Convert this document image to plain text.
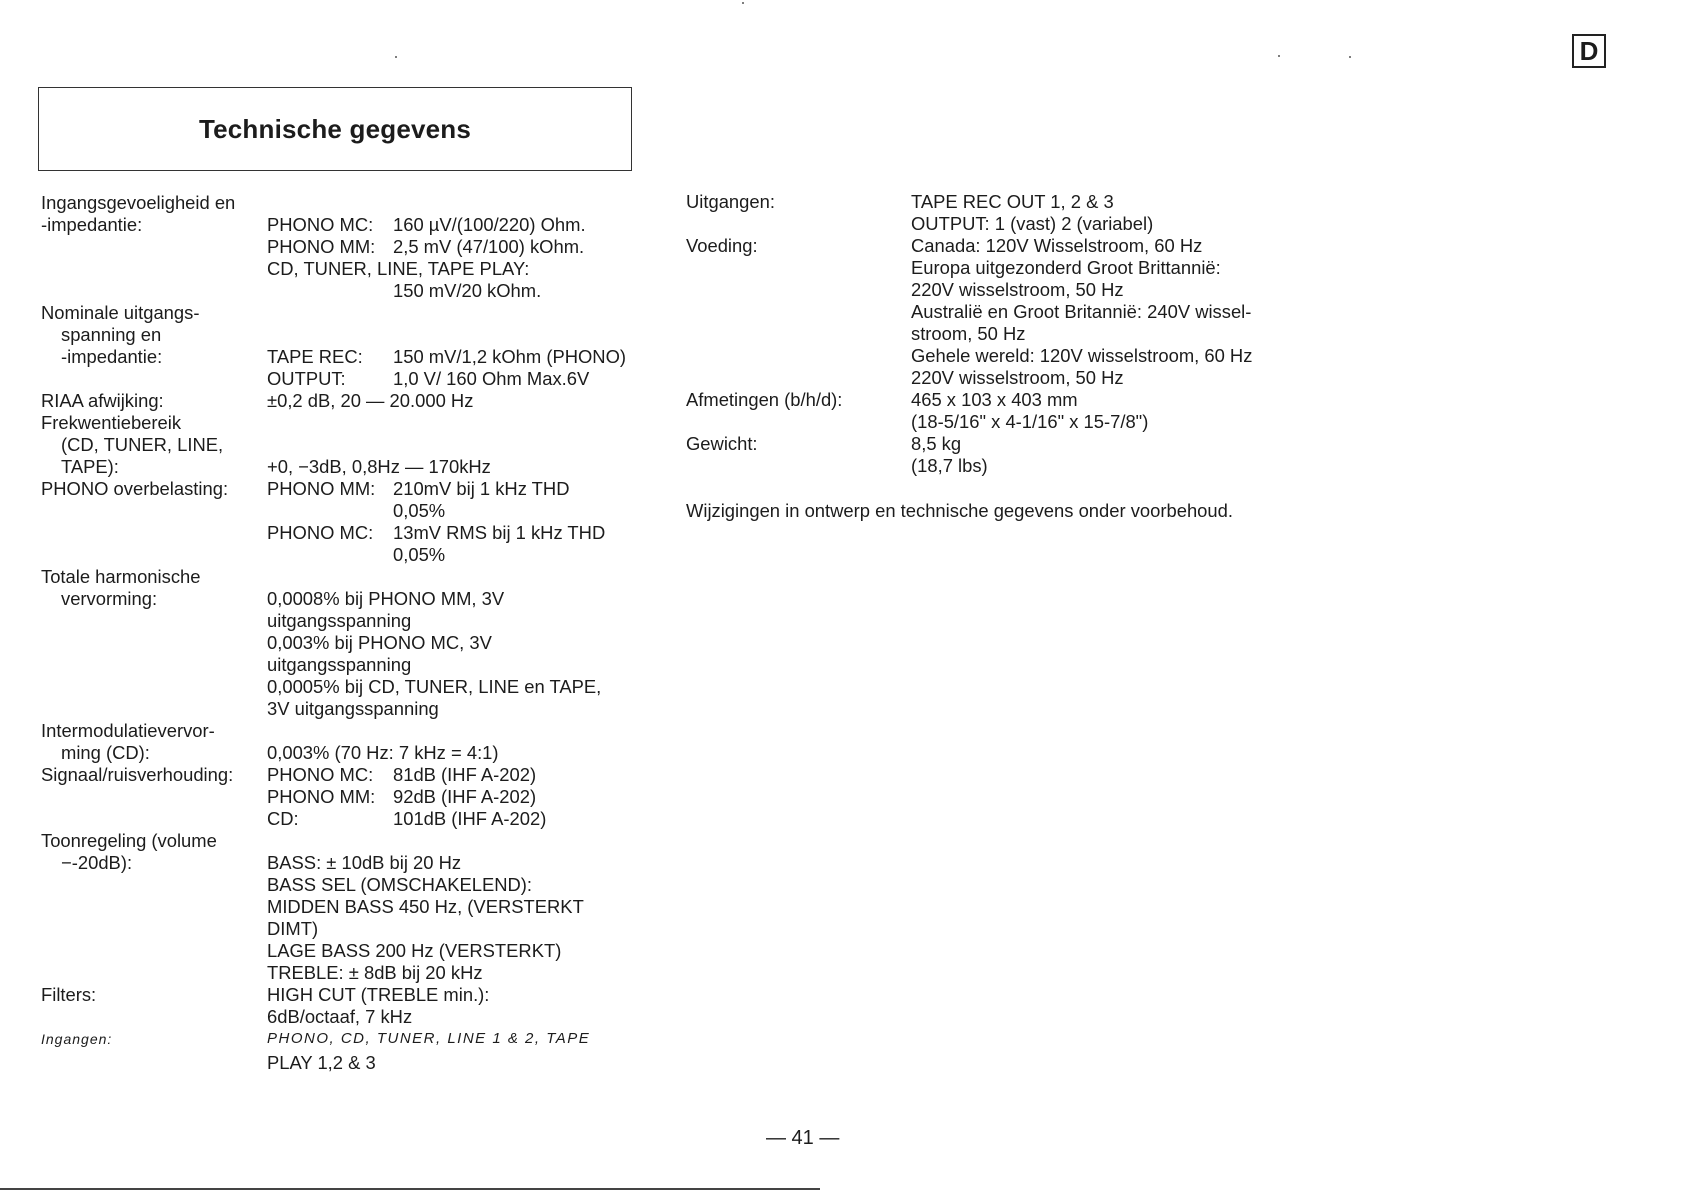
D
Technische gegevens
Ingangsgevoeligheid en
-impedantie:	PHONO MC:	160 µV/(100/220) Ohm.
PHONO MM: 2,5 mV (47/100) kOhm.
CD, TUNER, LINE, TAPE PLAY:
150 mV/20 kOhm.
Nominale uitgangs-
spanning en
-impedantie:	TAPE REC:	150 mV/1,2 kOhm (PHONO)
OUTPUT:	1,0 V/ 160 Ohm Max.6V
RIAA afwijking:	±0,2 dB, 20 — 20.000 Hz
Frekwentiebereik
(CD, TUNER, LINE,
TAPE):	+0, −3dB, 0,8Hz — 170kHz
PHONO overbelasting: PHONO MM: 210mV bij 1 kHz THD
0,05%
PHONO MC:	13mV RMS bij 1 kHz THD
0,05%
Totale harmonische
vervorming:	0,0008% bij PHONO MM, 3V
uitgangsspanning
0,003% bij PHONO MC, 3V
uitgangsspanning
0,0005% bij CD, TUNER, LINE en TAPE,
3V uitgangsspanning
Intermodulatievervor-
ming (CD):	0,003% (70 Hz: 7 kHz = 4:1)
Signaal/ruisverhouding: PHONO MC:	81dB (IHF A-202)
PHONO MM: 92dB (IHF A-202)
CD:	101dB (IHF A-202)
Toonregeling (volume
−-20dB):	BASS: ± 10dB bij 20 Hz
BASS SEL (OMSCHAKELEND):
MIDDEN BASS 450 Hz, (VERSTERKT
DIMT)
LAGE BASS 200 Hz (VERSTERKT)
TREBLE: ± 8dB bij 20 kHz
Filters:	HIGH CUT (TREBLE min.):
6dB/octaaf, 7 kHz
Ingangen:	PHONO, CD, TUNER, LINE 1 & 2, TAPE
PLAY 1,2 & 3
Uitgangen:	TAPE REC OUT 1, 2 & 3
OUTPUT: 1 (vast) 2 (variabel)
Voeding:	Canada: 120V Wisselstroom, 60 Hz
Europa uitgezonderd Groot Brittannië:
220V wisselstroom, 50 Hz
Australië en Groot Britannië: 240V wissel-
stroom, 50 Hz
Gehele wereld: 120V wisselstroom, 60 Hz
220V wisselstroom, 50 Hz
Afmetingen (b/h/d):	465 x 103 x 403 mm
(18-5/16" x 4-1/16" x 15-7/8")
Gewicht:	8,5 kg
(18,7 lbs)
Wijzigingen in ontwerp en technische gegevens onder voorbehoud.
— 41 —
